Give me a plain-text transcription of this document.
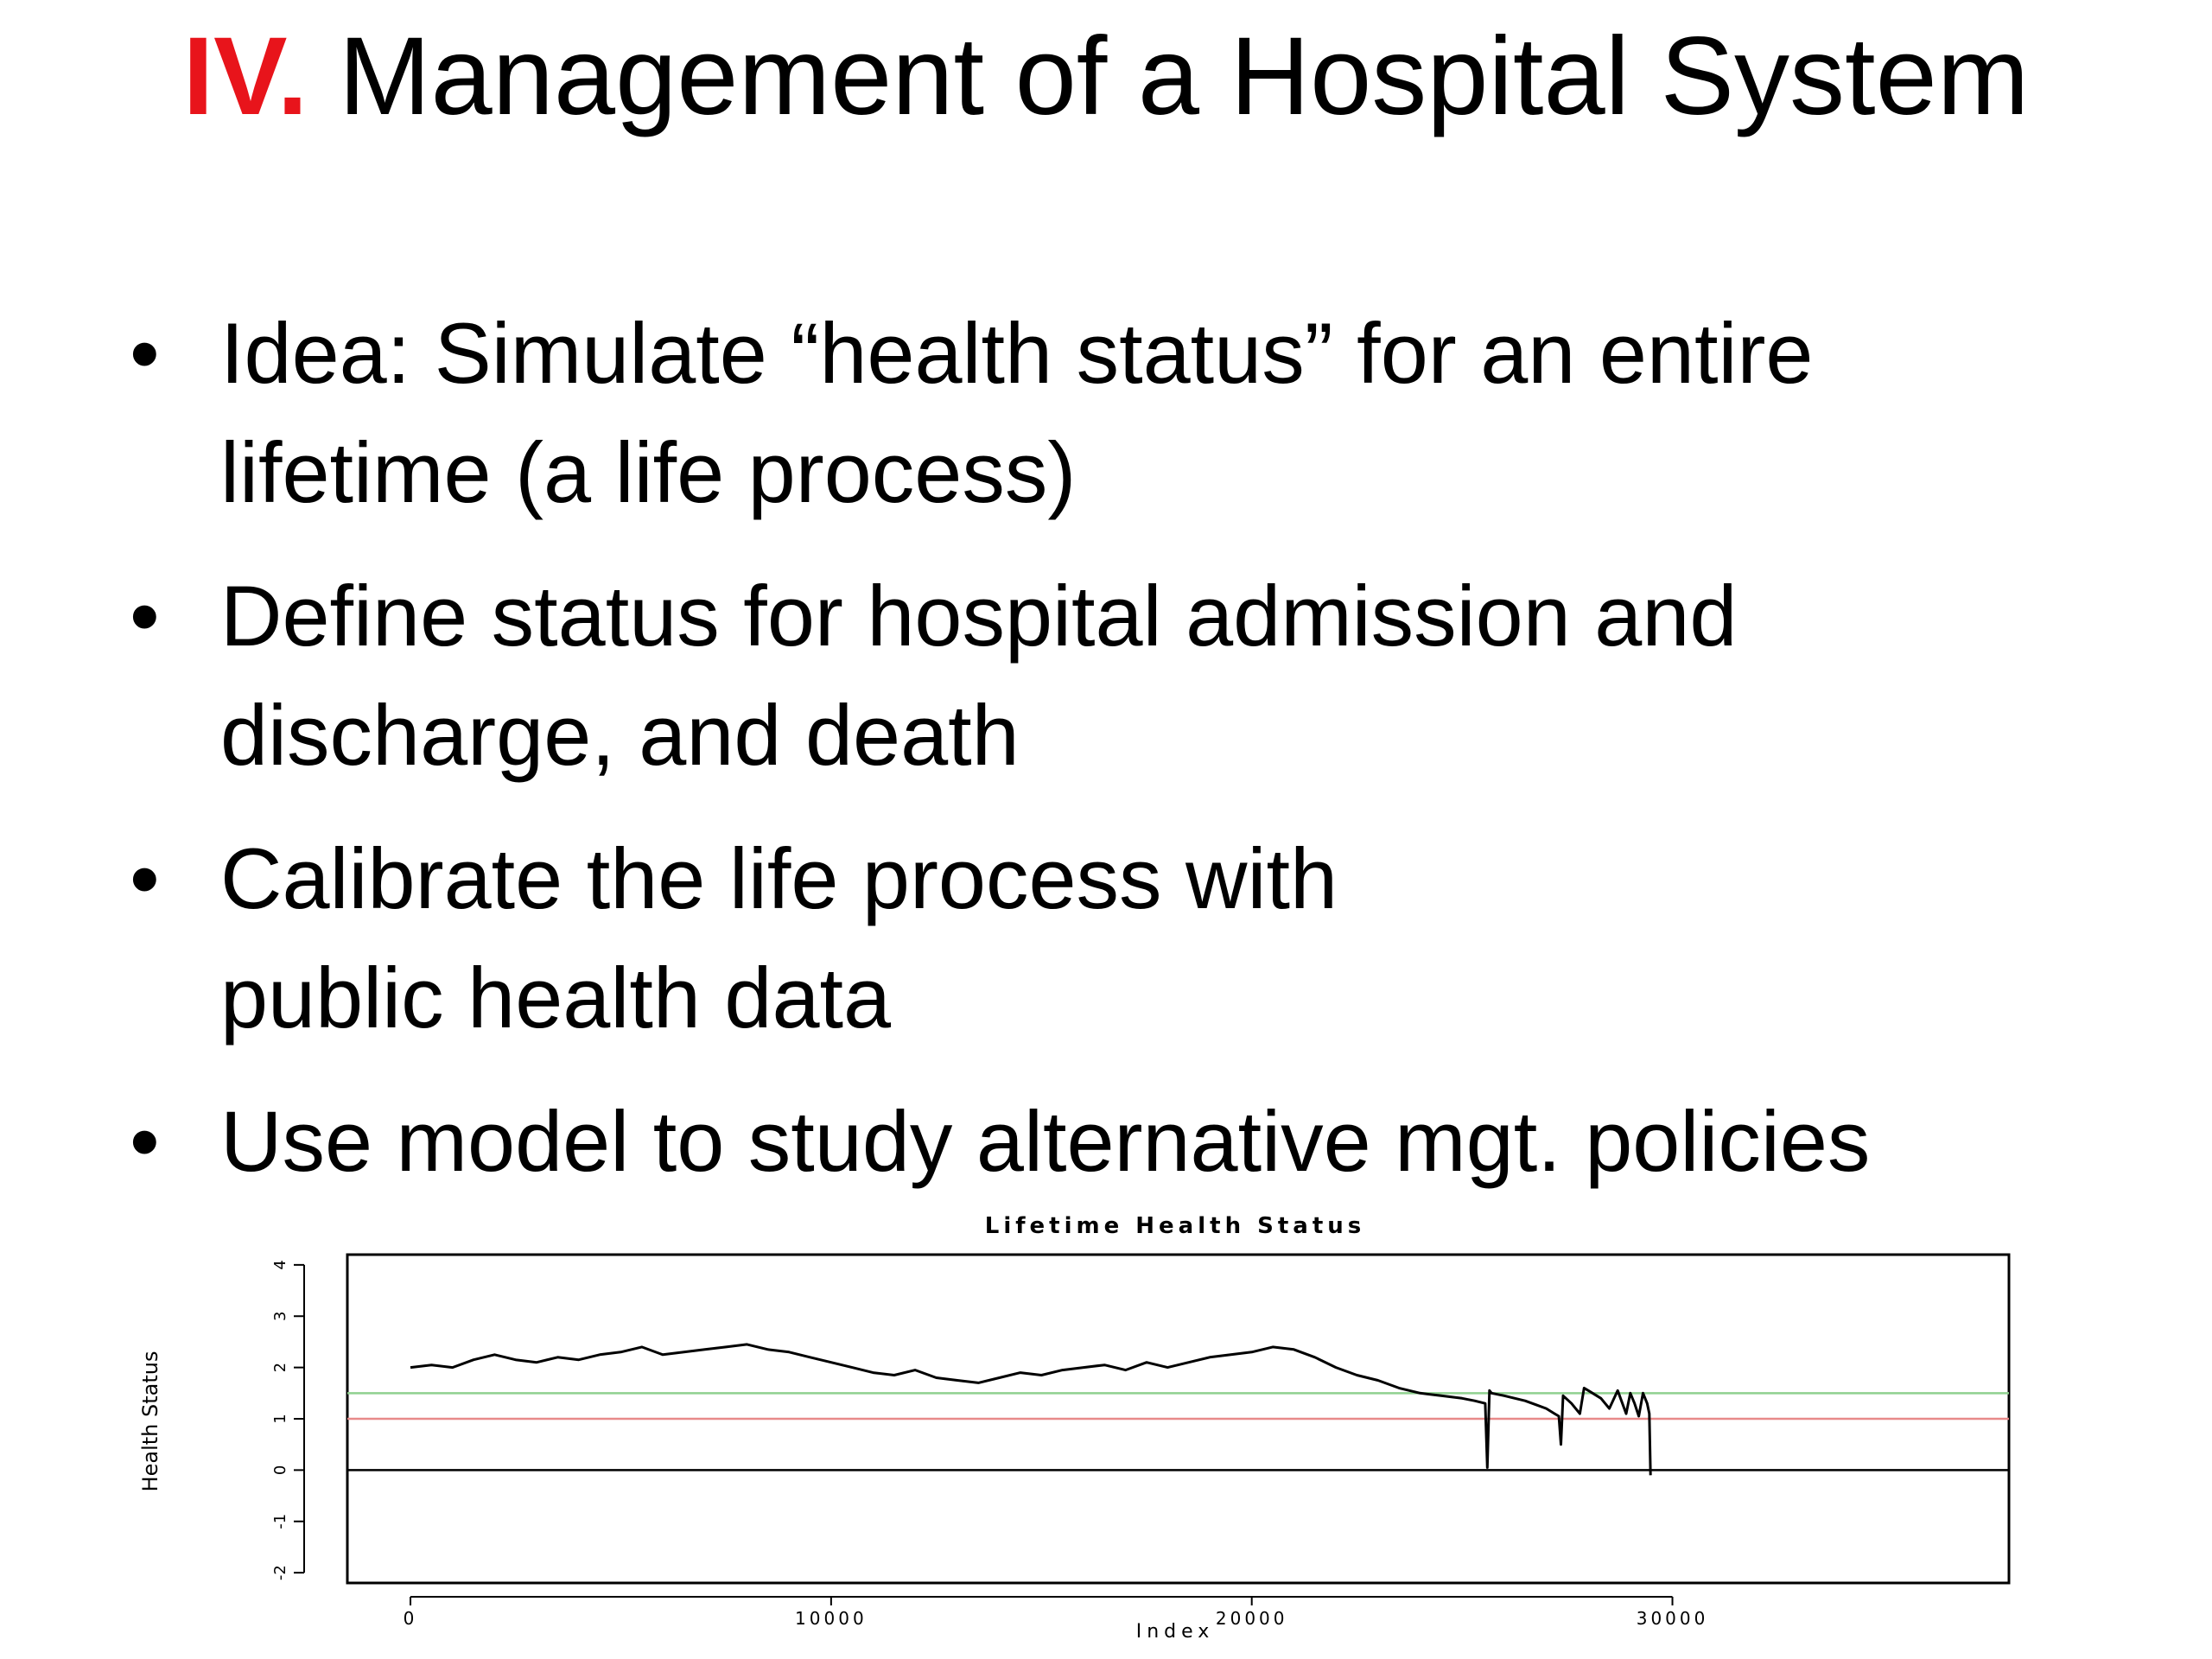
IV. Management of a Hospital System
• Idea: Simulate “health status” for an entire
lifetime (a life process)
• Define status for hospital admission and
discharge, and death
• Calibrate the life process with
public health data
• Use model to study alternative mgt. policies
Lifetime Health Status
Health Status
Index
-2
-1
0
1
2
3
4
0	10000	20000	30000
